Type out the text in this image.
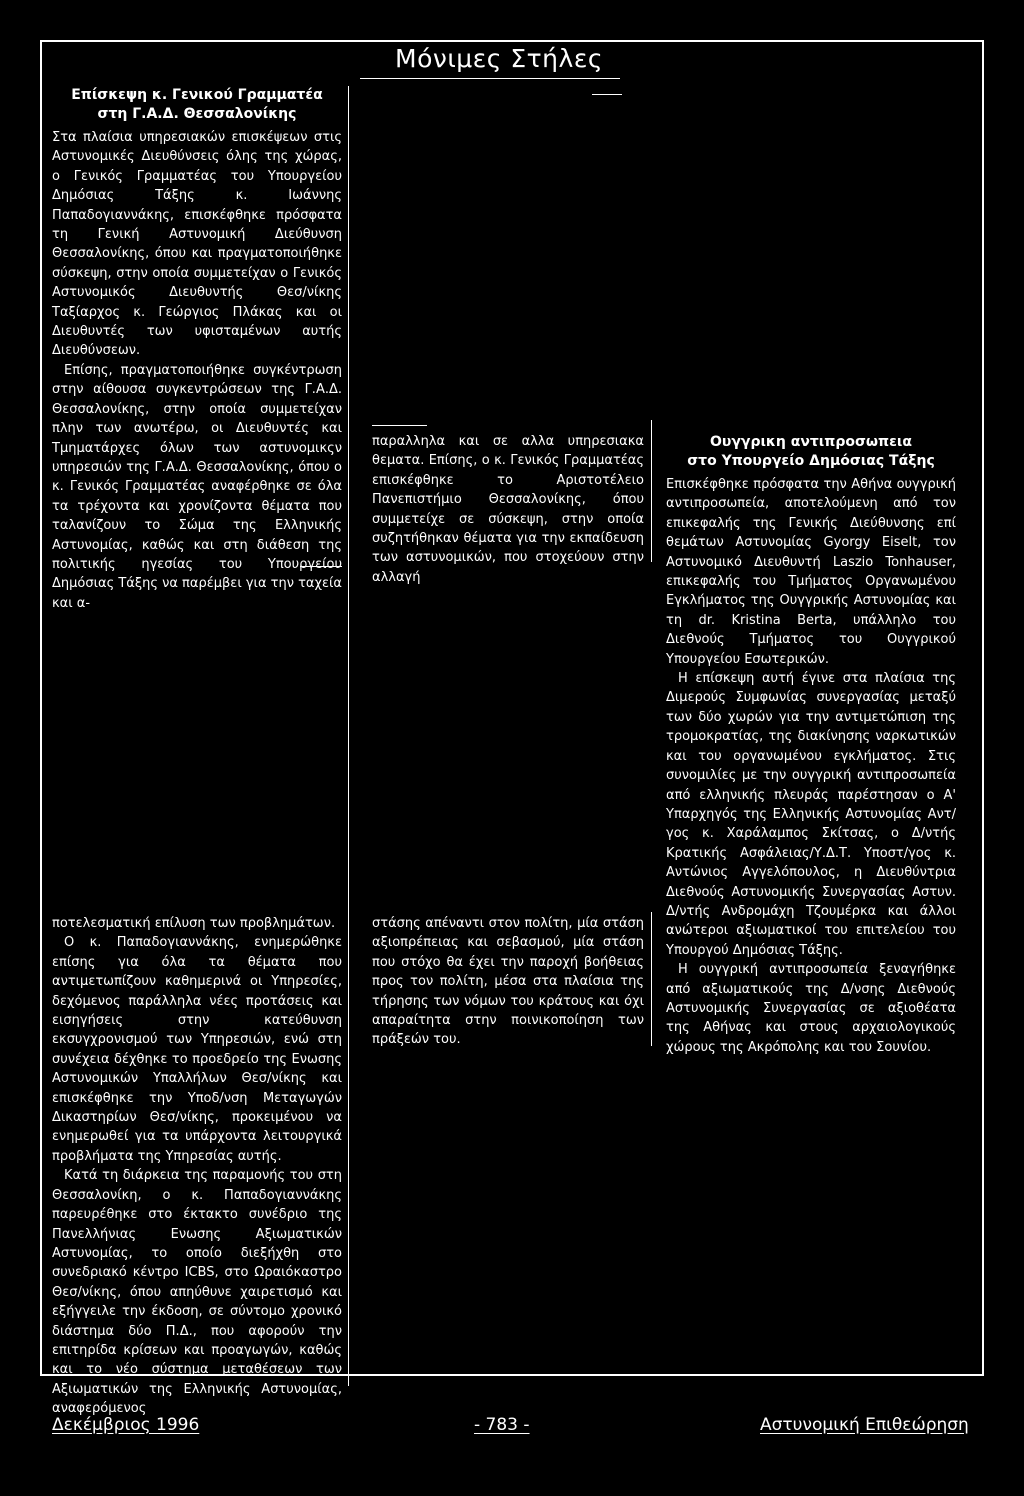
Μόνιμες Στήλες
Επίσκεψη κ. Γενικού Γραμματέα
στη Γ.Α.Δ. Θεσσαλονίκης

Στα πλαίσια υπηρεσιακών επισκέψεων στις Αστυνομικές Διευθύνσεις όλης της χώρας, ο Γενικός Γραμματέας του Υπουργείου Δημόσιας Τάξης κ. Ιωάννης Παπαδογιαννάκης, επισκέφθηκε πρόσφατα τη Γενική Αστυνομική Διεύθυνση Θεσσαλονίκης, όπου και πραγματοποιήθηκε σύσκεψη, στην οποία συμμετείχαν ο Γενικός Αστυνομικός Διευθυντής Θεσ/νίκης Ταξίαρχος κ. Γεώργιος Πλάκας και οι Διευθυντές των υφισταμένων αυτής Διευθύνσεων.

Επίσης, πραγματοποιήθηκε συγκέντρωση στην αίθουσα συγκεντρώσεων της Γ.Α.Δ. Θεσσαλονίκης, στην οποία συμμετείχαν πλην των ανωτέρω, οι Διευθυντές και Τμηματάρχες όλων των αστυνομικςν υπηρεσιών της Γ.Α.Δ. Θεσσαλονίκης, όπου ο κ. Γενικός Γραμματέας αναφέρθηκε σε όλα τα τρέχοντα και χρονίζοντα θέματα που ταλανίζουν το Σώμα της Ελληνικής Αστυνομίας, καθώς και στη διάθεση της πολιτικής ηγεσίας του Υπουργείου Δημόσιας Τάξης να παρέμβει για την ταχεία και α-

ποτελεσματική επίλυση των προβλημάτων.

Ο κ. Παπαδογιαννάκης, ενημερώθηκε επίσης για όλα τα θέματα που αντιμετωπίζουν καθημερινά οι Υπηρεσίες, δεχόμενος παράλληλα νέες προτάσεις και εισηγήσεις στην κατεύθυνση εκσυγχρονισμού των Υπηρεσιών, ενώ στη συνέχεια δέχθηκε το προεδρείο της Ενωσης Αστυνομικών Υπαλλήλων Θεσ/νίκης και επισκέφθηκε την Υποδ/νση Μεταγωγών Δικαστηρίων Θεσ/νίκης, προκειμένου να ενημερωθεί για τα υπάρχοντα λειτουργικά προβλήματα της Υπηρεσίας αυτής.

Κατά τη διάρκεια της παραμονής του στη Θεσσαλονίκη, ο κ. Παπαδογιαννάκης παρευρέθηκε στο έκτακτο συνέδριο της Πανελλήνιας Ενωσης Αξιωματικών Αστυνομίας, το οποίο διεξήχθη στο συνεδριακό κέντρο ICBS, στο Ωραιόκαστρο Θεσ/νίκης, όπου απηύθυνε χαιρετισμό και εξήγγειλε την έκδοση, σε σύντομο χρονικό διάστημα δύο Π.Δ., που αφορούν την επιτηρίδα κρίσεων και προαγωγών, καθώς και το νέο σύστημα μεταθέσεων των Αξιωματικών της Ελληνικής Αστυνομίας, αναφερόμενος

παραλληλα και σε αλλα υπηρεσιακα θεματα. Επίσης, ο κ. Γενικός Γραμματέας επισκέφθηκε το Αριστοτέλειο Πανεπιστήμιο Θεσσαλονίκης, όπου συμμετείχε σε σύσκεψη, στην οποία συζητήθηκαν θέματα για την εκπαίδευση των αστυνομικών, που στοχεύουν στην αλλαγή

στάσης απέναντι στον πολίτη, μία στάση αξιοπρέπειας και σεβασμού, μία στάση που στόχο θα έχει την παροχή βοήθειας προς τον πολίτη, μέσα στα πλαίσια της τήρησης των νόμων του κράτους και όχι απαραίτητα στην ποινικοποίηση των πράξεών του.

Ουγγρικη αντιπροσωπεια
στο Υπουργείο Δημόσιας Τάξης

Επισκέφθηκε πρόσφατα την Αθήνα ουγγρική αντιπροσωπεία, αποτελούμενη από τον επικεφαλής της Γενικής Διεύθυνσης επί θεμάτων Αστυνομίας Gyorgy Eiselt, τον Αστυνομικό Διευθυντή Laszio Tonhauser, επικεφαλής του Τμήματος Οργανωμένου Εγκλήματος της Ουγγρικής Αστυνομίας και τη dr. Kristina Berta, υπάλληλο του Διεθνούς Τμήματος του Ουγγρικού Υπουργείου Εσωτερικών.

Η επίσκεψη αυτή έγινε στα πλαίσια της Διμερούς Συμφωνίας συνεργασίας μεταξύ των δύο χωρών για την αντιμετώπιση της τρομοκρατίας, της διακίνησης ναρκωτικών και του οργανωμένου εγκλήματος. Στις συνομιλίες με την ουγγρική αντιπροσωπεία από ελληνικής πλευράς παρέστησαν ο Α' Υπαρχηγός της Ελληνικής Αστυνομίας Αντ/γος κ. Χαράλαμπος Σκίτσας, ο Δ/ντής Κρατικής Ασφάλειας/Υ.Δ.Τ. Υποστ/γος κ. Αντώνιος Αγγελόπουλος, η Διευθύντρια Διεθνούς Αστυνομικής Συνεργασίας Αστυν. Δ/ντής Ανδρομάχη Τζουμέρκα και άλλοι ανώτεροι αξιωματικοί του επιτελείου του Υπουργού Δημόσιας Τάξης.

Η ουγγρική αντιπροσωπεία ξεναγήθηκε από αξιωματικούς της Δ/νσης Διεθνούς Αστυνομικής Συνεργασίας σε αξιοθέατα της Αθήνας και στους αρχαιολογικούς χώρους της Ακρόπολης και του Σουνίου.

Δεκέμβριος 1996	- 783 -	Αστυνομική Επιθεώρηση
